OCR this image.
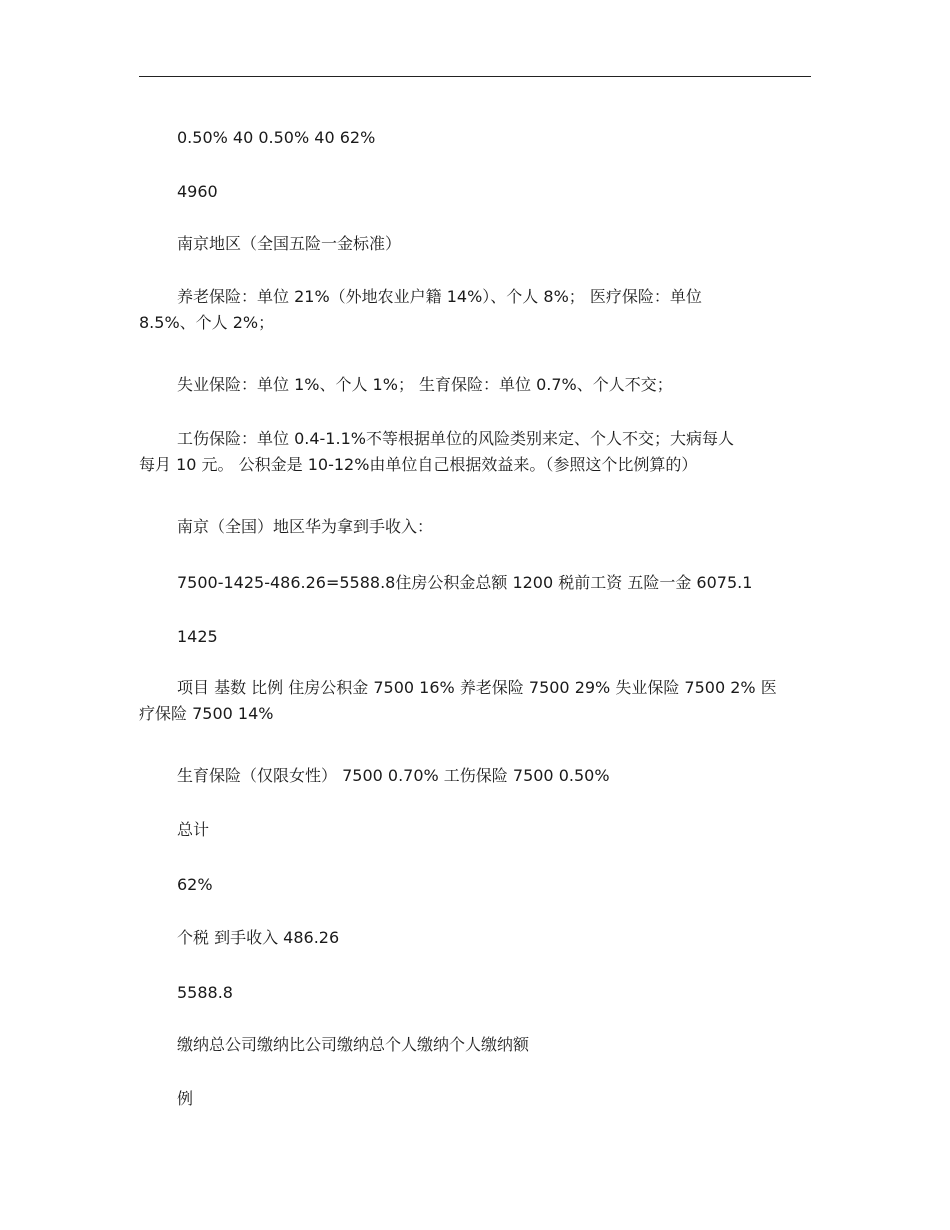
0.50% 40 0.50% 40 62%
4960
南京地区（全国五险一金标准）
养老保险：单位 21%（外地农业户籍 14%）、个人 8%； 医疗保险：单位
8.5%、个人 2%；
失业保险：单位 1%、个人 1%； 生育保险：单位 0.7%、个人不交；
工伤保险：单位 0.4-1.1%不等根据单位的风险类别来定、个人不交；大病每人
每月 10 元。 公积金是 10-12%由单位自己根据效益来。（参照这个比例算的）
南京（全国）地区华为拿到手收入：
7500-1425-486.26=5588.8住房公积金总额 1200 税前工资 五险一金 6075.1
1425
项目 基数 比例 住房公积金 7500 16% 养老保险 7500 29% 失业保险 7500 2% 医
疗保险 7500 14%
生育保险（仅限女性） 7500 0.70% 工伤保险 7500 0.50%
总计
62%
个税 到手收入 486.26
5588.8
缴纳总公司缴纳比公司缴纳总个人缴纳个人缴纳额
例
